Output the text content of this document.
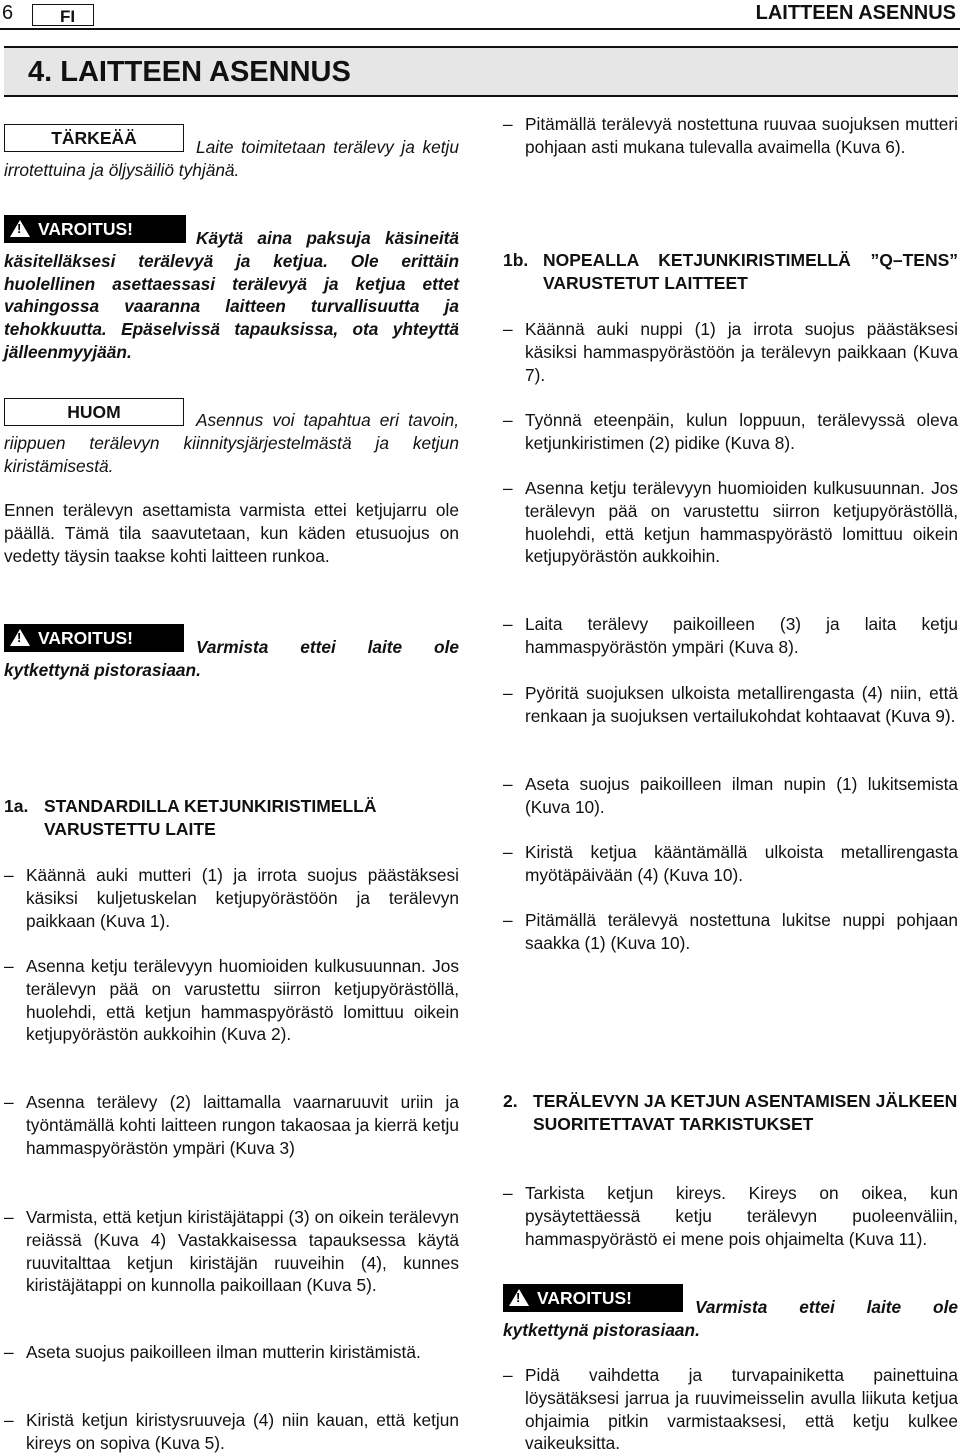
6	FI	LAITTEEN ASENNUS
4. LAITTEEN ASENNUS
TÄRKEÄÄ	Laite toimitetaan terälevy ja ketju irrotettuina ja öljysäiliö tyhjänä.
!VAROITUS!	Käytä aina paksuja käsineitä käsitelläksesi terälevyä ja ketjua. Ole erittäin huolellinen asettaessasi terälevyä ja ketjua ettet vahingossa vaaranna laitteen turvallisuutta ja tehokkuutta. Epäselvissä tapauksissa, ota yhteyttä jälleenmyyjään.
HUOM	Asennus voi tapahtua eri tavoin, riippuen terälevyn kiinnitysjärjestelmästä ja ketjun kiristämisestä.
Ennen terälevyn asettamista varmista ettei ketjujarru ole päällä. Tämä tila saavutetaan, kun käden etusuojus on vedetty täysin taakse kohti laitteen runkoa.
!VAROITUS!	Varmista ettei laite ole kytkettynä pistorasiaan.
1a. STANDARDILLA KETJUNKIRISTIMELLÄ VARUSTETTU LAITE
– Käännä auki mutteri (1) ja irrota suojus päästäksesi käsiksi kuljetuskelan ketjupyörästöön ja terälevyn paikkaan (Kuva 1).
– Asenna ketju terälevyyn huomioiden kulkusuunnan. Jos terälevyn pää on varustettu siirron ketjupyörästöllä, huolehdi, että ketjun hammaspyörästö lomittuu oikein ketjupyörästön aukkoihin (Kuva 2).
– Asenna terälevy (2) laittamalla vaarnaruuvit uriin ja työntämällä kohti laitteen rungon takaosaa ja kierrä ketju hammaspyörästön ympäri (Kuva 3)
– Varmista, että ketjun kiristäjätappi (3) on oikein terälevyn reiässä (Kuva 4) Vastakkaisessa tapauksessa käytä ruuvitalttaa ketjun kiristäjän ruuveihin (4), kunnes kiristäjätappi on kunnolla paikoillaan (Kuva 5).
– Aseta suojus paikoilleen ilman mutterin kiristämistä.
– Kiristä ketjun kiristysruuveja (4) niin kauan, että ketjun kireys on sopiva (Kuva 5).
– Pitämällä terälevyä nostettuna ruuvaa suojuksen mutteri pohjaan asti mukana tulevalla avaimella (Kuva 6).
1b. NOPEALLA KETJUNKIRISTIMELLÄ ”Q–TENS” VARUSTETUT LAITTEET
– Käännä auki nuppi (1) ja irrota suojus päästäksesi käsiksi hammaspyörästöön ja terälevyn paikkaan (Kuva 7).
– Työnnä eteenpäin, kulun loppuun, terälevyssä oleva ketjunkiristimen (2) pidike (Kuva 8).
– Asenna ketju terälevyyn huomioiden kulkusuunnan. Jos terälevyn pää on varustettu siirron ketjupyörästöllä, huolehdi, että ketjun hammaspyörästö lomittuu oikein ketjupyörästön aukkoihin.
– Laita terälevy paikoilleen (3) ja laita ketju hammaspyörästön ympäri (Kuva 8).
– Pyöritä suojuksen ulkoista metallirengasta (4) niin, että renkaan ja suojuksen vertailukohdat kohtaavat (Kuva 9).
– Aseta suojus paikoilleen ilman nupin (1) lukitsemista (Kuva 10).
– Kiristä ketjua kääntämällä ulkoista metallirengasta myötäpäivään (4) (Kuva 10).
– Pitämällä terälevyä nostettuna lukitse nuppi pohjaan saakka (1) (Kuva 10).
2. TERÄLEVYN JA KETJUN ASENTAMISEN JÄLKEEN SUORITETTAVAT TARKISTUKSET
– Tarkista ketjun kireys. Kireys on oikea, kun pysäytettäessä ketju terälevyn puoleenväliin, hammaspyörästö ei mene pois ohjaimelta (Kuva 11).
!VAROITUS!	Varmista ettei laite ole kytkettynä pistorasiaan.
– Pidä vaihdetta ja turvapainiketta painettuina löysätäksesi jarrua ja ruuvimeisselin avulla liikuta ketjua ohjaimia pitkin varmistaaksesi, että ketju kulkee vaikeuksitta.
